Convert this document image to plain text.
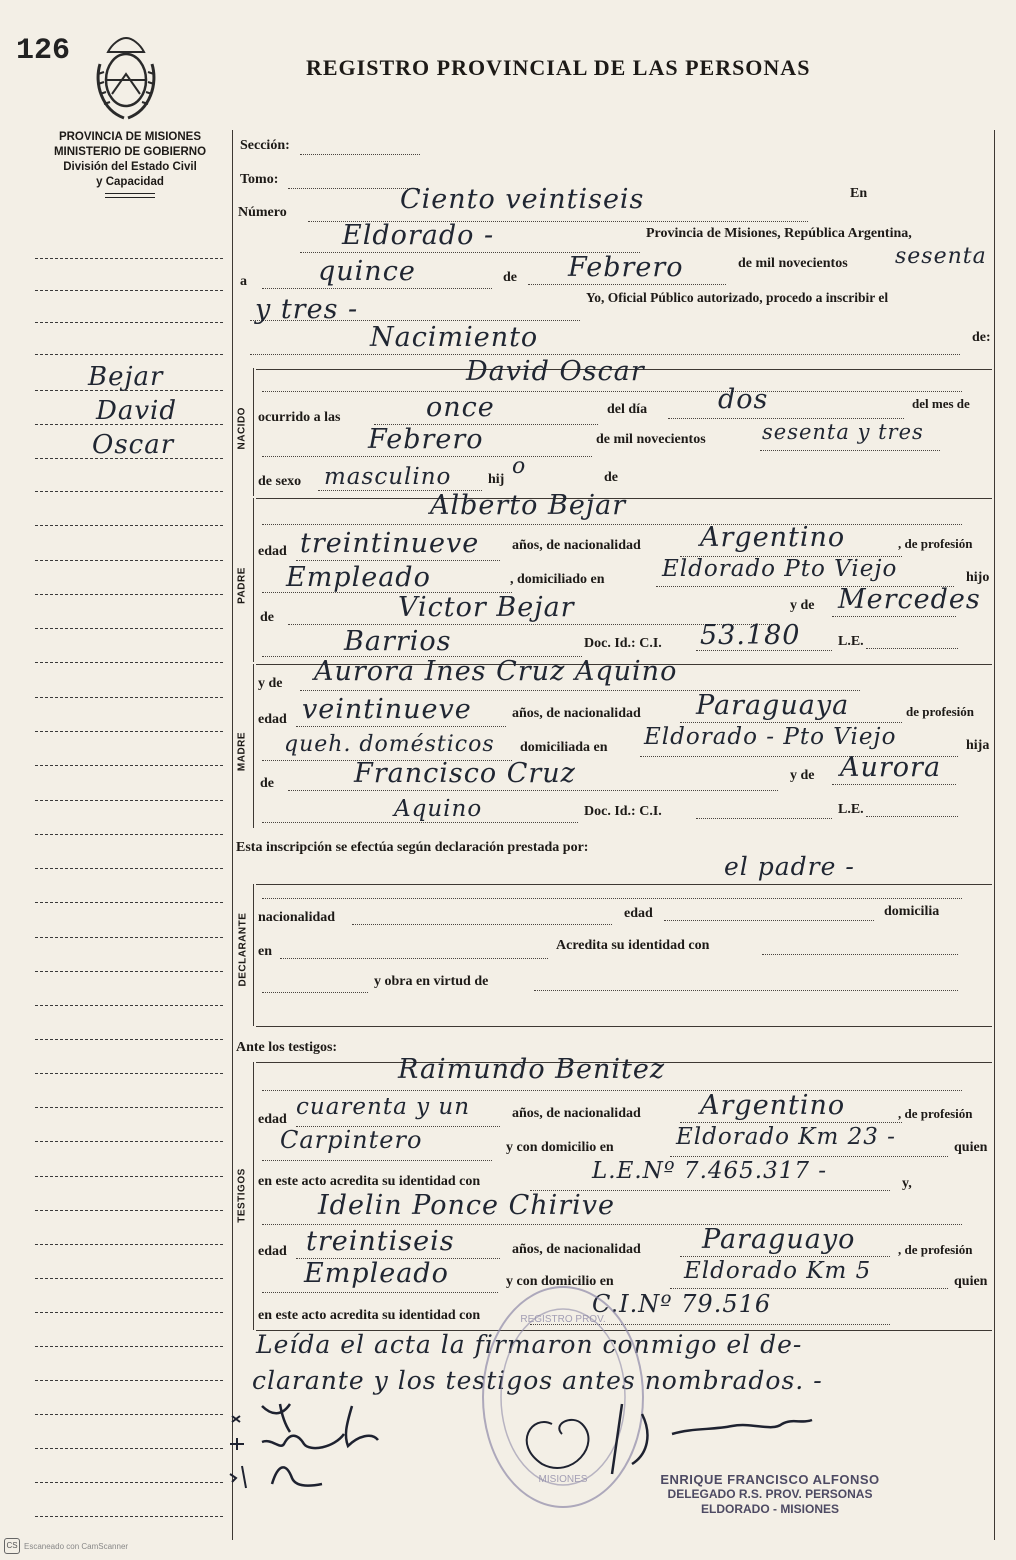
126	REGISTRO PROVINCIAL DE LAS PERSONAS
PROVINCIA DE MISIONES
MINISTERIO DE GOBIERNO
División del Estado Civil
y Capacidad
Bejar
David
Oscar
Sección:
Tomo:
Número	Ciento veintiseis	En
Eldorado -	Provincia de Misiones, República Argentina,
a	quince	de Febrero	de mil novecientos sesenta
y tres -	Yo, Oficial Público autorizado, procedo a inscribir el
Nacimiento	de:
NACIDO
David Oscar
ocurrido a las	once	del día	dos	del mes de
Febrero	de mil novecientos	sesenta y tres
de sexo masculino	hij
o	de
PADRE
Alberto Bejar
edad treintinueve años, de nacionalidad Argentino	, de profesión
Empleado	, domiciliado en Eldorado Pto Viejo	hijo
de	Victor Bejar	y de Mercedes
Barrios	Doc. Id.: C.I. 53.180	L.E.
MADRE
y de Aurora Ines Cruz Aquino
edad veintinueve	años, de nacionalidad Paraguaya	de profesión
queh. domésticos domiciliada en Eldorado - Pto Viejo	hija
de	Francisco Cruz	y de Aurora
Aquino	Doc. Id.: C.I.	L.E.
Esta inscripción se efectúa según declaración prestada por:
el padre -
DECLARANTE nacionalidad	edad	domicilia
en	Acredita su identidad con
y obra en virtud de
Ante los testigos:
TESTIGOS
Raimundo Benitez
edad cuarenta y un	años, de nacionalidad Argentino	, de profesión
Carpintero	y con domicilio en	Eldorado Km 23 -	quien
en este acto acredita su identidad con	L.E.Nº 7.465.317 -	y,
Idelin Ponce Chirive
edad treintiseis	años, de nacionalidad Paraguayo	, de profesión
Empleado	y con domicilio en	Eldorado Km 5	quien
en este acto acredita su identidad con	C.I.Nº 79.516
Leída el acta la firmaron conmigo el de-
clarante y los testigos antes nombrados. -
REGISTRO PROV.
MISIONES	ENRIQUE FRANCISCO ALFONSO
DELEGADO R.S. PROV. PERSONAS
ELDORADO - MISIONES
CS Escaneado con CamScanner
